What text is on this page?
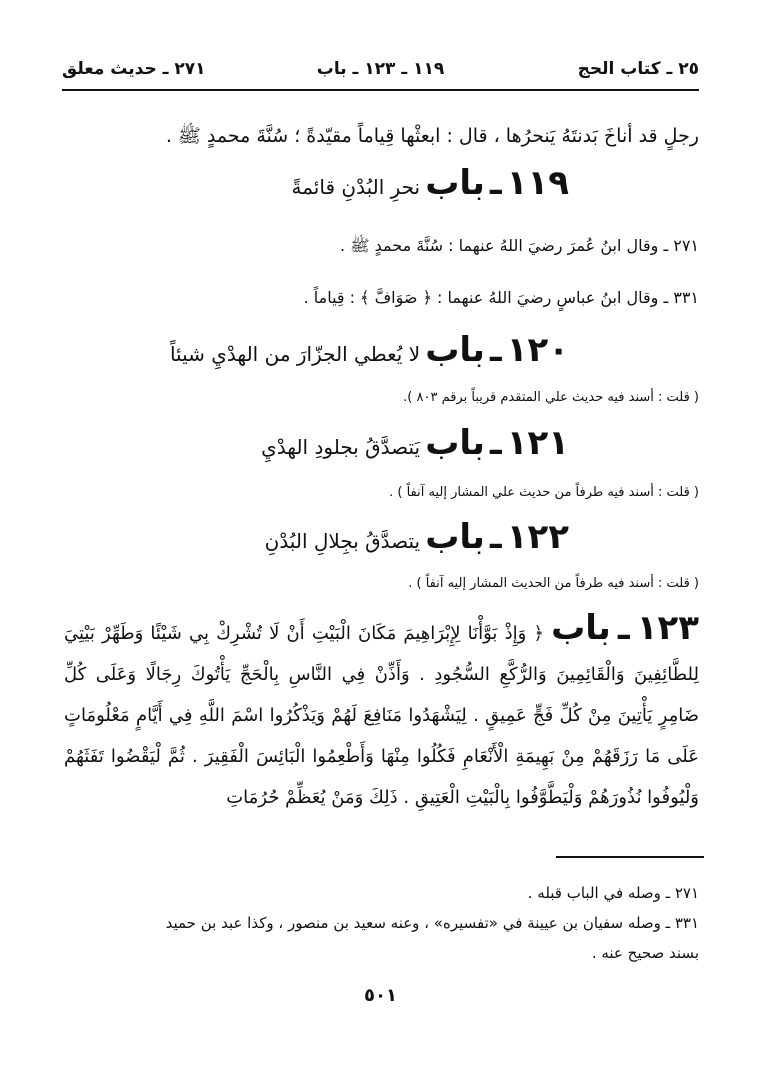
٢٥ ـ كتاب الحج
١١٩ ـ ١٢٣ ـ باب
٢٧١ ـ حديث معلق
رجلٍ قد أناخَ بَدنتَهُ يَنحرُها ، قال : ابعثْها قِياماً مقيّدةً ؛ سُنَّةَ محمدٍ ﷺ .
١١٩ ـ باب نحرِ البُدْنِ قائمةً
٢٧١ ـ وقال ابنُ عُمرَ رضيَ اللهُ عنهما : سُنَّةَ محمدٍ ﷺ .
٣٣١ ـ وقال ابنُ عباسٍ رضيَ اللهُ عنهما : ﴿ صَوَافَّ ﴾ : قِياماً .
١٢٠ ـ باب لا يُعطي الجزّارَ من الهدْيِ شيئاً
( قلت : أسند فيه حديث علي المتقدم قريباً برقم ٨٠٣ ).
١٢١ ـ باب يَتصدَّقُ بجلودِ الهدْيِ
( قلت : أسند فيه طرفاً من حديث علي المشار إليه آنفاً ) .
١٢٢ ـ باب يتصدَّقُ بجِلالِ البُدْنِ
( قلت : أسند فيه طرفاً من الحديث المشار إليه آنفاً ) .
١٢٣ ـ باب ﴿ وَإِذْ بَوَّأْنَا لِإِبْرَاهِيمَ مَكَانَ الْبَيْتِ أَنْ لَا تُشْرِكْ بِي شَيْئًا وَطَهِّرْ بَيْتِيَ لِلطَّائِفِينَ وَالْقَائِمِينَ وَالرُّكَّعِ السُّجُودِ . وَأَذِّنْ فِي النَّاسِ بِالْحَجِّ يَأْتُوكَ رِجَالًا وَعَلَى كُلِّ ضَامِرٍ يَأْتِينَ مِنْ كُلِّ فَجٍّ عَمِيقٍ . لِيَشْهَدُوا مَنَافِعَ لَهُمْ وَيَذْكُرُوا اسْمَ اللَّهِ فِي أَيَّامٍ مَعْلُومَاتٍ عَلَى مَا رَزَقَهُمْ مِنْ بَهِيمَةِ الْأَنْعَامِ فَكُلُوا مِنْهَا وَأَطْعِمُوا الْبَائِسَ الْفَقِيرَ . ثُمَّ لْيَقْضُوا تَفَثَهُمْ وَلْيُوفُوا نُذُورَهُمْ وَلْيَطَّوَّفُوا بِالْبَيْتِ الْعَتِيقِ . ذَلِكَ وَمَنْ يُعَظِّمْ حُرُمَاتِ
٢٧١ ـ وصله في الباب قبله .
٣٣١ ـ وصله سفيان بن عيينة في «تفسيره» ، وعنه سعيد بن منصور ، وكذا عبد بن حميد
بسند صحيح عنه .
٥٠١
